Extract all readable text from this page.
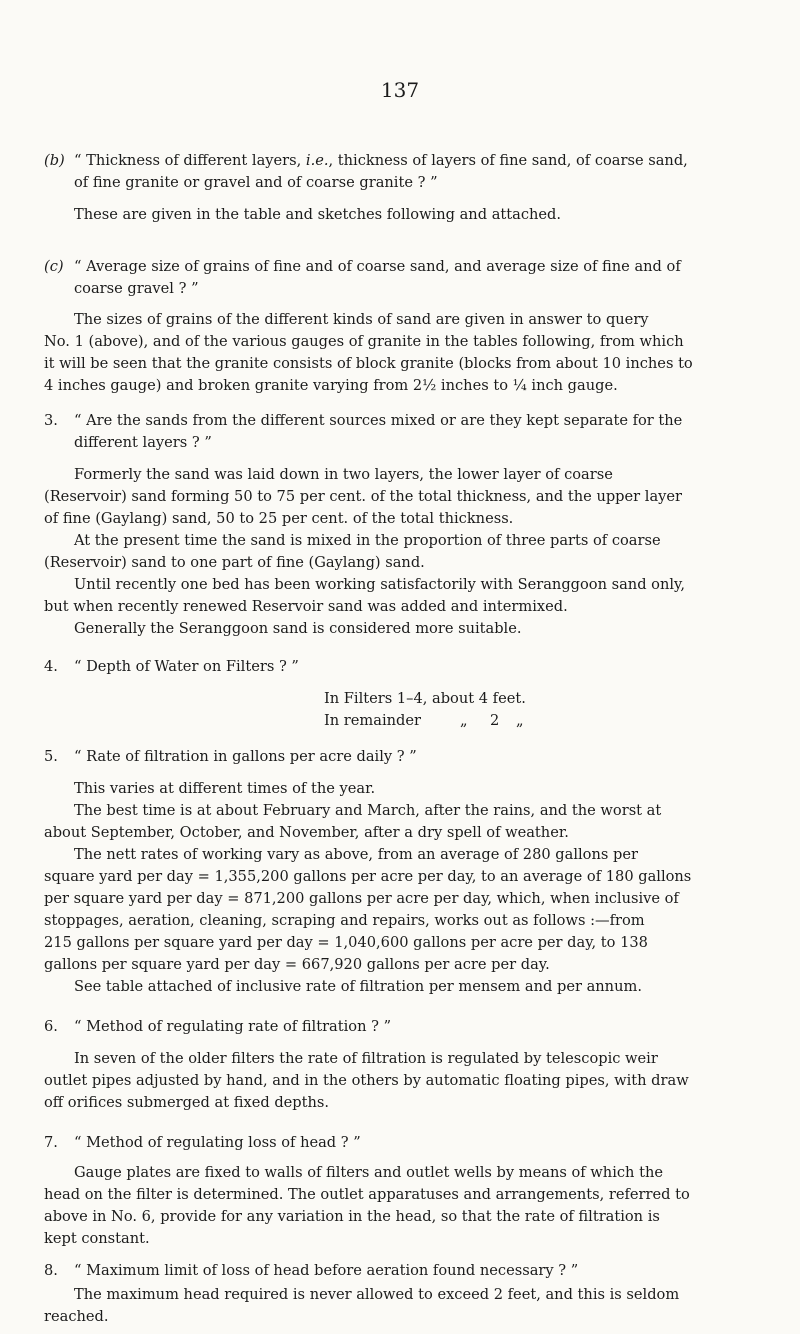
137
(b) “ Thickness of different layers, i.e., thickness of layers of fine sand, of coarse sand,
of fine granite or gravel and of coarse granite ? ”
These are given in the table and sketches following and attached.
(c) “ Average size of grains of fine and of coarse sand, and average size of fine and of
coarse gravel ? ”
The sizes of grains of the different kinds of sand are given in answer to query
No. 1 (above), and of the various gauges of granite in the tables following, from which
it will be seen that the granite consists of block granite (blocks from about 10 inches to
4 inches gauge) and broken granite varying from 2½ inches to ¼ inch gauge.
3. “ Are the sands from the different sources mixed or are they kept separate for the
different layers ? ”
Formerly the sand was laid down in two layers, the lower layer of coarse
(Reservoir) sand forming 50 to 75 per cent. of the total thickness, and the upper layer
of fine (Gaylang) sand, 50 to 25 per cent. of the total thickness.
At the present time the sand is mixed in the proportion of three parts of coarse
(Reservoir) sand to one part of fine (Gaylang) sand.
Until recently one bed has been working satisfactorily with Seranggoon sand only,
but when recently renewed Reservoir sand was added and intermixed.
Generally the Seranggoon sand is considered more suitable.
4. “ Depth of Water on Filters ? ”
In Filters 1–4, about 4 feet.
In remainder	„ 2 „
5. “ Rate of filtration in gallons per acre daily ? ”
This varies at different times of the year.
The best time is at about February and March, after the rains, and the worst at
about September, October, and November, after a dry spell of weather.
The nett rates of working vary as above, from an average of 280 gallons per
square yard per day = 1,355,200 gallons per acre per day, to an average of 180 gallons
per square yard per day = 871,200 gallons per acre per day, which, when inclusive of
stoppages, aeration, cleaning, scraping and repairs, works out as follows :—from
215 gallons per square yard per day = 1,040,600 gallons per acre per day, to 138
gallons per square yard per day = 667,920 gallons per acre per day.
See table attached of inclusive rate of filtration per mensem and per annum.
6. “ Method of regulating rate of filtration ? ”
In seven of the older filters the rate of filtration is regulated by telescopic weir
outlet pipes adjusted by hand, and in the others by automatic floating pipes, with draw
off orifices submerged at fixed depths.
7. “ Method of regulating loss of head ? ”
Gauge plates are fixed to walls of filters and outlet wells by means of which the
head on the filter is determined. The outlet apparatuses and arrangements, referred to
above in No. 6, provide for any variation in the head, so that the rate of filtration is
kept constant.
8. “ Maximum limit of loss of head before aeration found necessary ? ”
The maximum head required is never allowed to exceed 2 feet, and this is seldom
reached.
